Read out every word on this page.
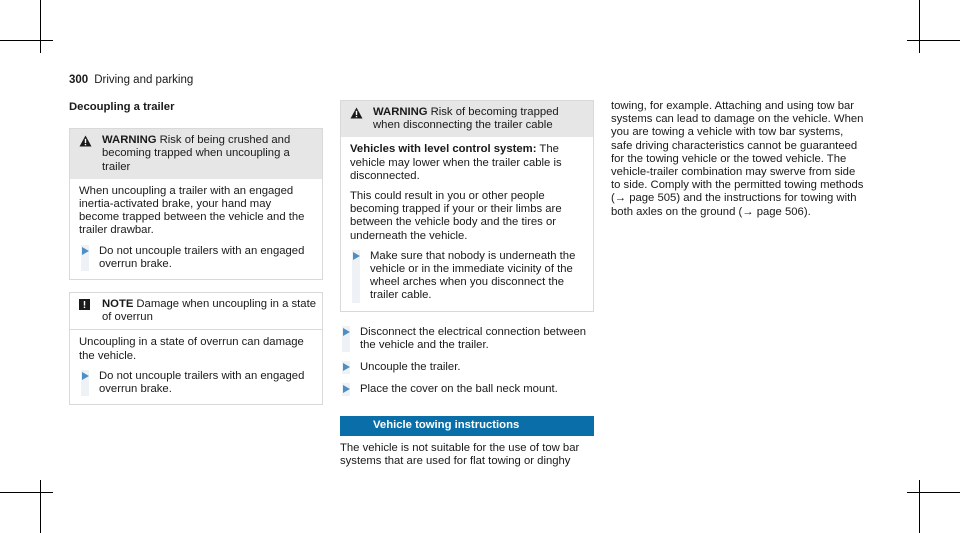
300 Driving and parking
Decoupling a trailer
WARNING Risk of being crushed and becoming trapped when uncoupling a trailer

When uncoupling a trailer with an engaged inertia-activated brake, your hand may become trapped between the vehicle and the trailer drawbar.

Do not uncouple trailers with an engaged overrun brake.
NOTE Damage when uncoupling in a state of overrun

Uncoupling in a state of overrun can damage the vehicle.

Do not uncouple trailers with an engaged overrun brake.
WARNING Risk of becoming trapped when disconnecting the trailer cable

Vehicles with level control system: The vehicle may lower when the trailer cable is disconnected.

This could result in you or other people becoming trapped if your or their limbs are between the vehicle body and the tires or underneath the vehicle.

Make sure that nobody is underneath the vehicle or in the immediate vicinity of the wheel arches when you disconnect the trailer cable.
Disconnect the electrical connection between the vehicle and the trailer.
Uncouple the trailer.
Place the cover on the ball neck mount.
Vehicle towing instructions

The vehicle is not suitable for the use of tow bar systems that are used for flat towing or dinghy

towing, for example. Attaching and using tow bar systems can lead to damage on the vehicle. When you are towing a vehicle with tow bar systems, safe driving characteristics cannot be guaranteed for the towing vehicle or the towed vehicle. The vehicle-trailer combination may swerve from side to side. Comply with the permitted towing methods (→ page 505) and the instructions for towing with both axles on the ground (→ page 506).
